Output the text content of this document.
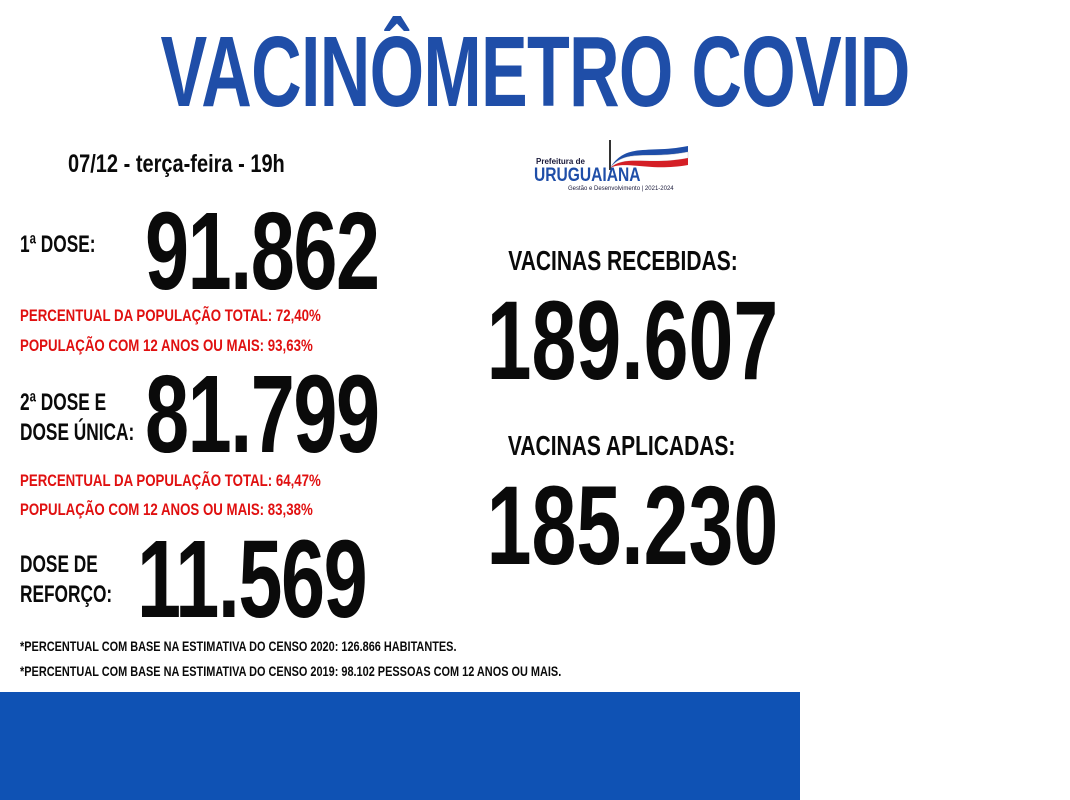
VACINÔMETRO COVID
07/12 - terça-feira - 19h	Prefeitura de
URUGUAIANA
Gestão e Desenvolvimento | 2021-2024
1ª DOSE: 91.862
PERCENTUAL DA POPULAÇÃO TOTAL: 72,40%
POPULAÇÃO COM 12 ANOS OU MAIS: 93,63%
2ª DOSE E
DOSE ÚNICA: 81.799
PERCENTUAL DA POPULAÇÃO TOTAL: 64,47%
POPULAÇÃO COM 12 ANOS OU MAIS: 83,38%
DOSE DE
REFORÇO: 11.569
VACINAS RECEBIDAS:
189.607
VACINAS APLICADAS:
185.230
*PERCENTUAL COM BASE NA ESTIMATIVA DO CENSO 2020: 126.866 HABITANTES.
*PERCENTUAL COM BASE NA ESTIMATIVA DO CENSO 2019: 98.102 PESSOAS COM 12 ANOS OU MAIS.
